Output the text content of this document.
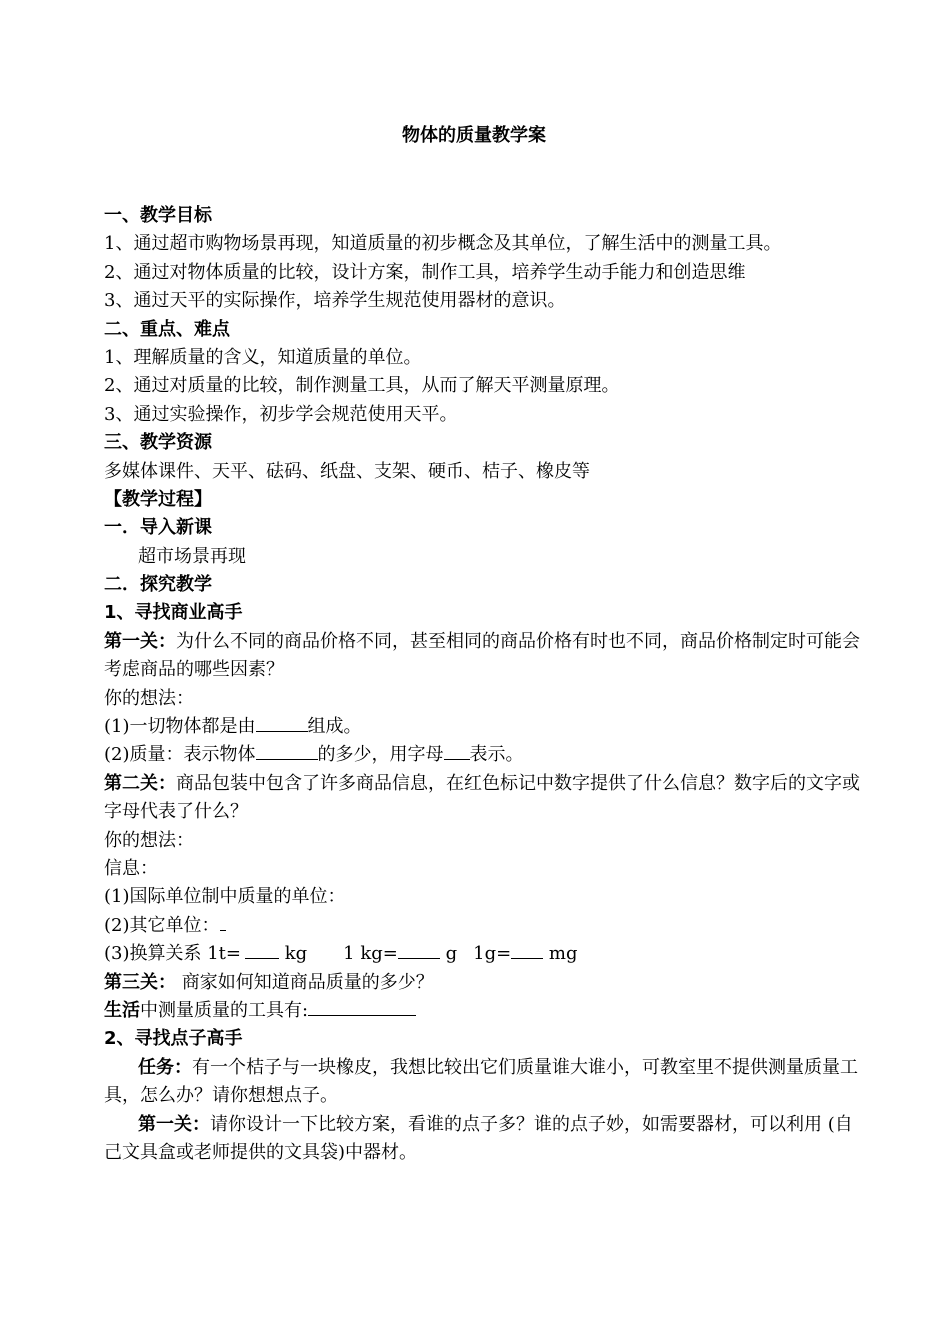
物体的质量教学案
一、教学目标
1、通过超市购物场景再现，知道质量的初步概念及其单位，了解生活中的测量工具。
2、通过对物体质量的比较，设计方案，制作工具，培养学生动手能力和创造思维
3、通过天平的实际操作，培养学生规范使用器材的意识。
二、重点、难点
1、理解质量的含义，知道质量的单位。
2、通过对质量的比较，制作测量工具，从而了解天平测量原理。
3、通过实验操作，初步学会规范使用天平。
三、教学资源
多媒体课件、天平、砝码、纸盘、支架、硬币、桔子、橡皮等
【教学过程】
一．导入新课
超市场景再现
二．探究教学
1、寻找商业高手
第一关：为什么不同的商品价格不同，甚至相同的商品价格有时也不同，商品价格制定时可能会考虑商品的哪些因素？
你的想法：
(1)一切物体都是由	组成。
(2)质量：表示物体	的多少，用字母 表示。
第二关：商品包装中包含了许多商品信息，在红色标记中数字提供了什么信息？数字后的文字或字母代表了什么？
你的想法：
信息：
(1)国际单位制中质量的单位：
(2)其它单位：
(3)换算关系 1t= kg 1 kg=	g 1g= mg
第三关： 商家如何知道商品质量的多少？
生活中测量质量的工具有:
2、寻找点子高手
任务：有一个桔子与一块橡皮，我想比较出它们质量谁大谁小，可教室里不提供测量质量工具，怎么办？请你想想点子。
第一关：请你设计一下比较方案，看谁的点子多？谁的点子妙，如需要器材，可以利用 (自己文具盒或老师提供的文具袋)中器材。
